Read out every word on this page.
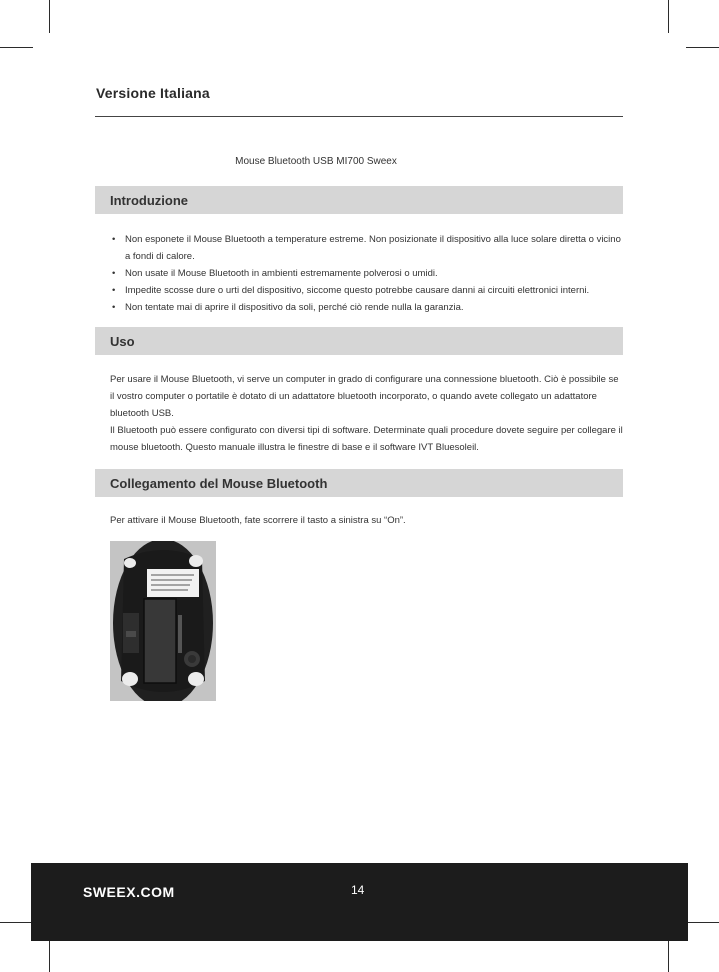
Versione Italiana
Mouse Bluetooth USB MI700 Sweex
Introduzione
• Non esponete il Mouse Bluetooth a temperature estreme. Non posizionate il dispositivo alla luce solare diretta o vicino a fondi di calore.
• Non usate il Mouse Bluetooth in ambienti estremamente polverosi o umidi.
• Impedite scosse dure o urti del dispositivo, siccome questo potrebbe causare danni ai circuiti elettronici interni.
• Non tentate mai di aprire il dispositivo da soli, perché ciò rende nulla la garanzia.
Uso

Per usare il Mouse Bluetooth, vi serve un computer in grado di configurare una connessione bluetooth. Ciò è possibile se il vostro computer o portatile è dotato di un adattatore bluetooth incorporato, o quando avete collegato un adattatore bluetooth USB.

Il Bluetooth può essere configurato con diversi tipi di software. Determinate quali procedure dovete seguire per collegare il mouse bluetooth. Questo manuale illustra le finestre di base e il software IVT Bluesoleil.

Collegamento del Mouse Bluetooth

Per attivare il Mouse Bluetooth, fate scorrere il tasto a sinistra su “On”.

SWEEX.COM	14
